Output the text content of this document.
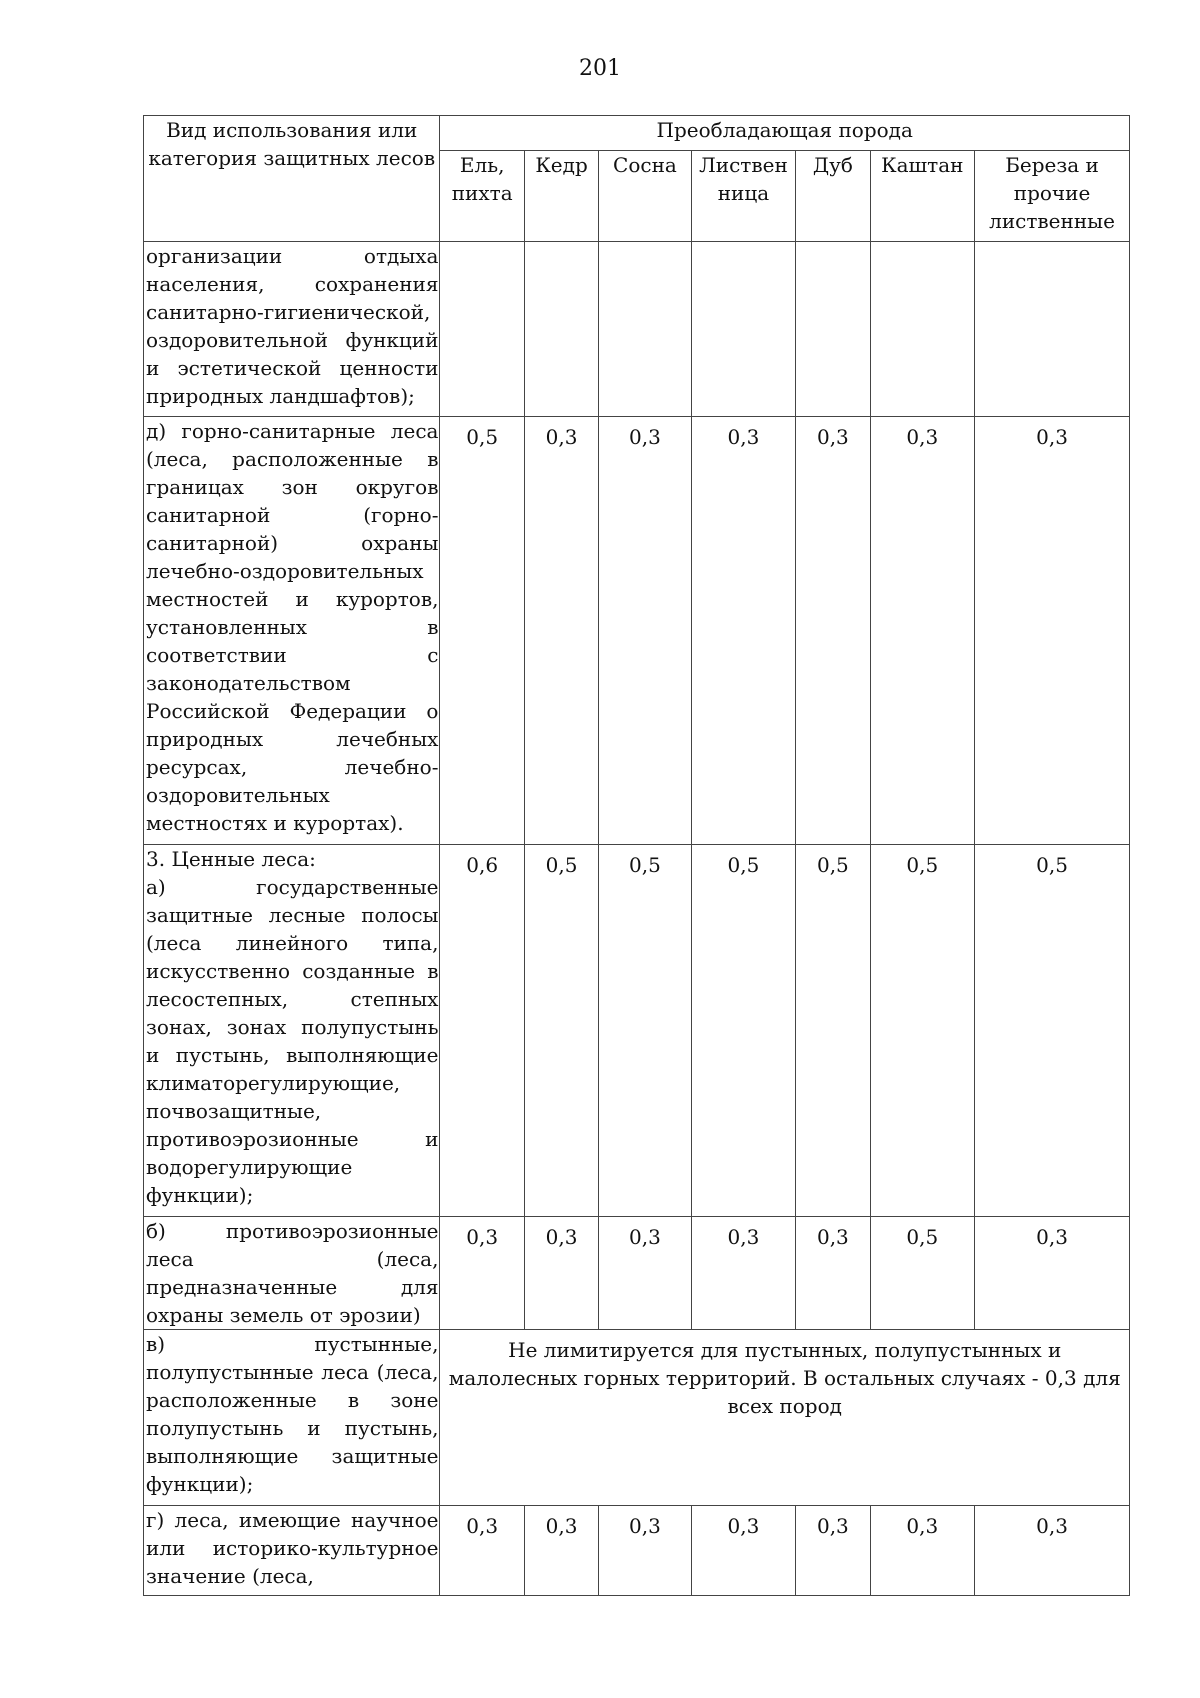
201
Вид использования или категория защитных лесов	Преобладающая порода						
	Ель, пихта	Кедр	Сосна	Листвен ница	Дуб	Каштан	Береза и прочие лиственные
организации отдыха населения, сохранения санитарно-гигиенической, оздоровительной функций и эстетической ценности природных ландшафтов);							
д) горно-санитарные леса (леса, расположенные в границах зон округов санитарной (горно-санитарной) охраны лечебно-оздоровительных местностей и курортов, установленных в соответствии с законодательством Российской Федерации о природных лечебных ресурсах, лечебно-оздоровительных местностях и курортах).	0,5	0,3	0,3	0,3	0,3	0,3	0,3

3. Ценные леса:
а) государственные защитные лесные полосы (леса линейного типа, искусственно созданные в лесостепных, степных зонах, зонах полупустынь и пустынь, выполняющие климаторегулирующие, почвозащитные, противоэрозионные и водорегулирующие функции);	0,6	0,5	0,5	0,5	0,5	0,5	0,5
б) противоэрозионные леса (леса, предназначенные для охраны земель от эрозии)	0,3	0,3	0,3	0,3	0,3	0,5	0,3
в) пустынные, полупустынные леса (леса, расположенные в зоне полупустынь и пустынь, выполняющие защитные функции);	Не лимитируется для пустынных, полупустынных и малолесных горных территорий. В остальных случаях - 0,3 для всех пород						
г) леса, имеющие научное или историко-культурное значение (леса,	0,3	0,3	0,3	0,3	0,3	0,3	0,3
